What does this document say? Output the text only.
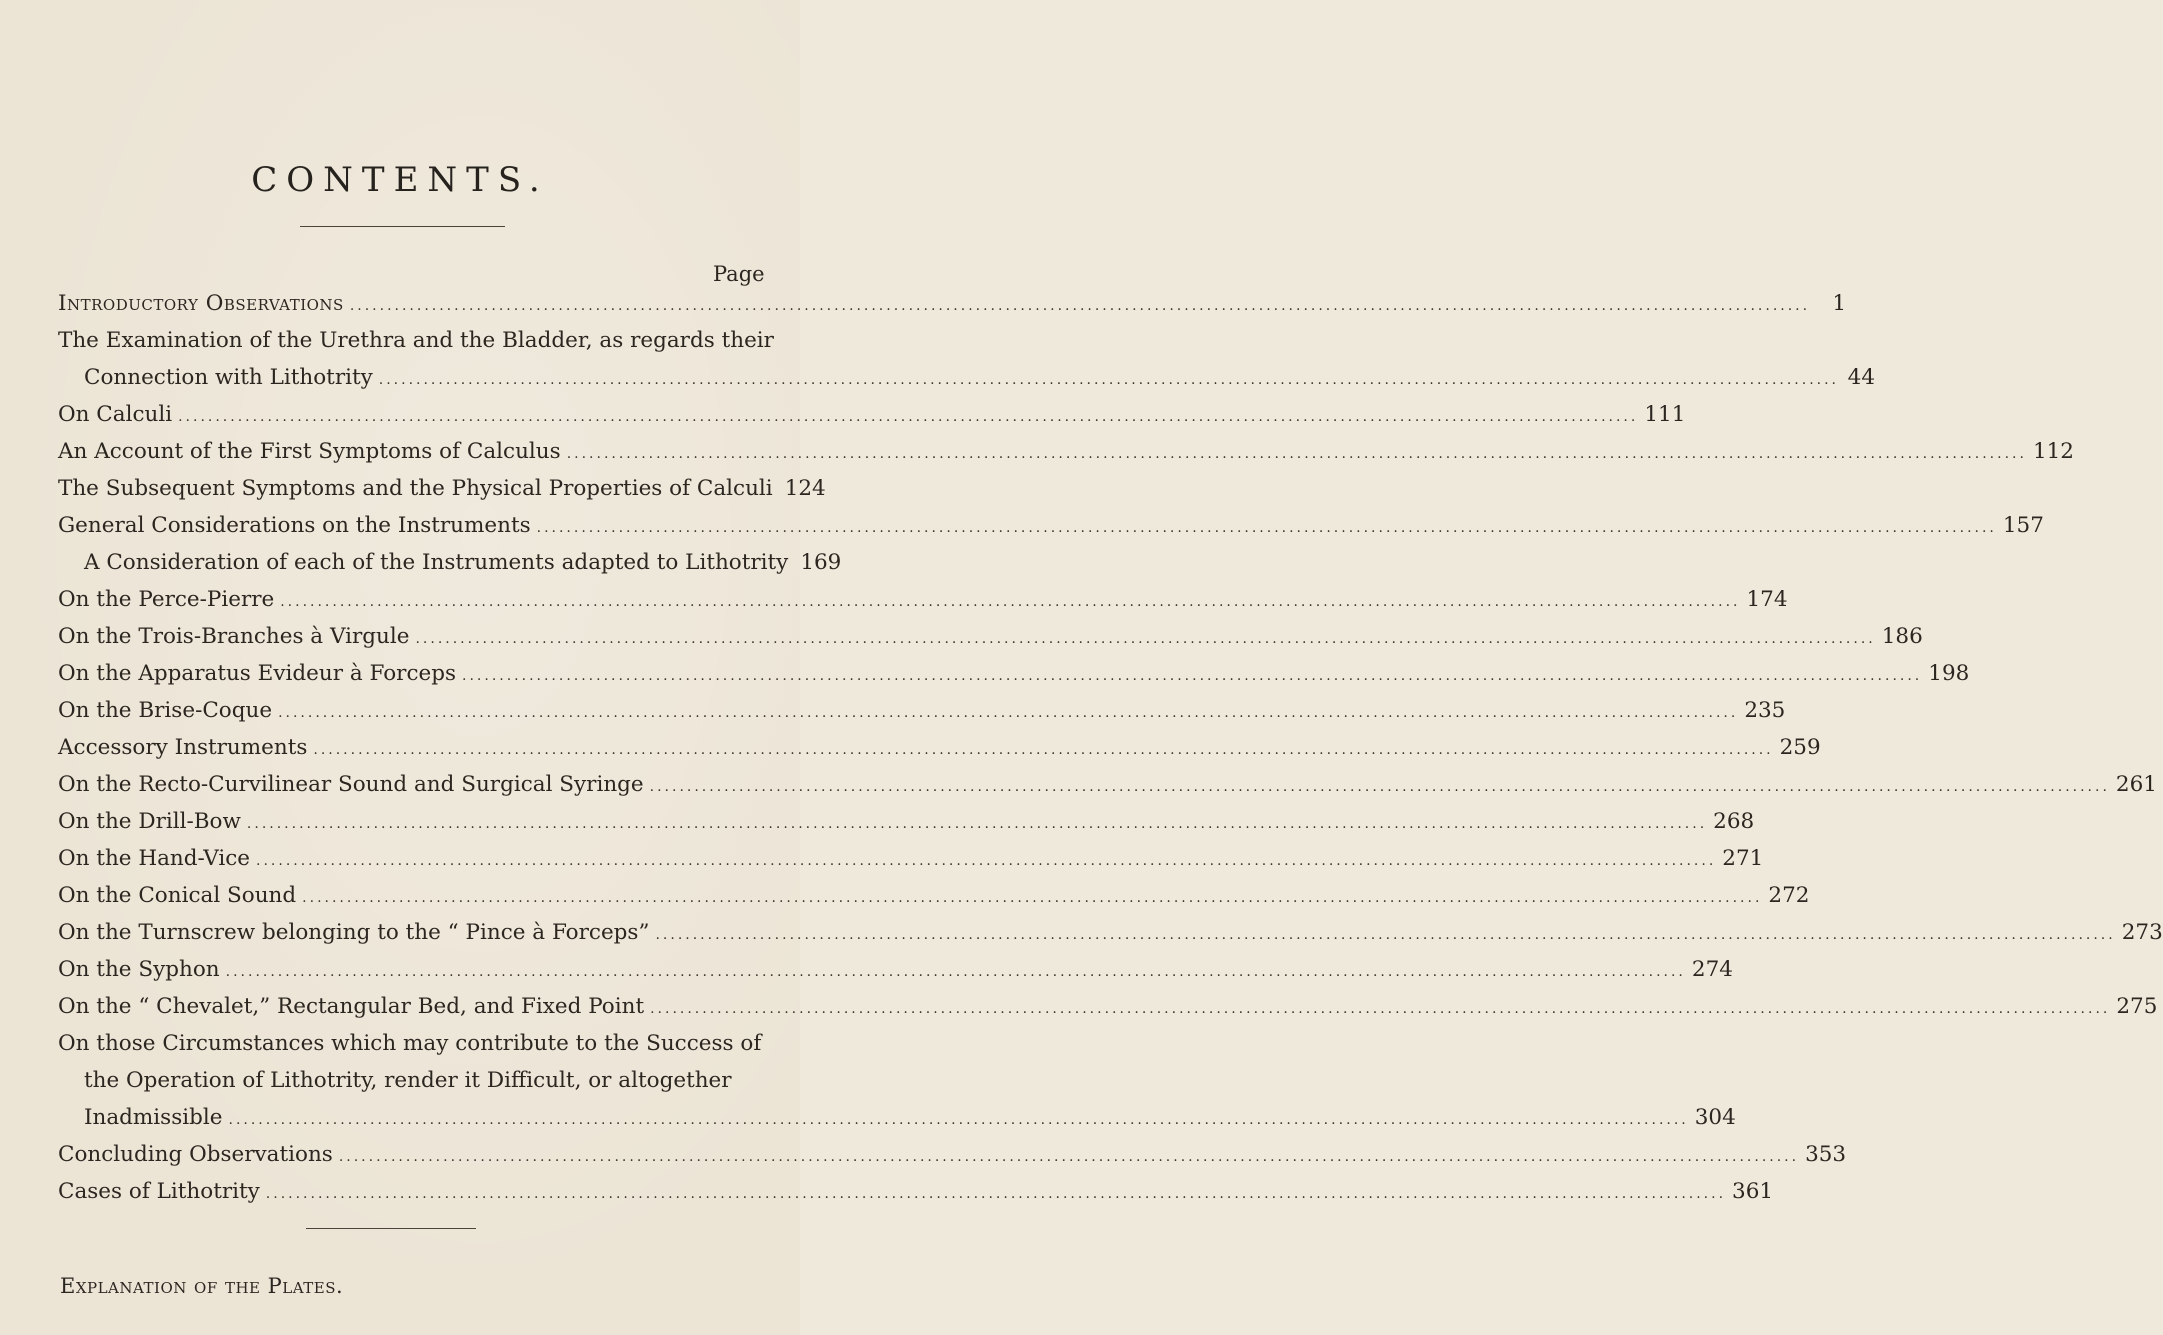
CONTENTS.
Page
Introductory Observations .....	1
The Examination of the Urethra and the Bladder, as regards their
Connection with Lithotrity .....	44
On Calculi .....	111
An Account of the First Symptoms of Calculus .....	112
The Subsequent Symptoms and the Physical Properties of Calculi 124
General Considerations on the Instruments .....	157
A Consideration of each of the Instruments adapted to Lithotrity 169
On the Perce-Pierre .....	174
On the Trois-Branches à Virgule .....	186
On the Apparatus Evideur à Forceps .....	198
On the Brise-Coque .....	235
Accessory Instruments .....	259
On the Recto-Curvilinear Sound and Surgical Syringe .....	261
On the Drill-Bow .....	268
On the Hand-Vice .....	271
On the Conical Sound .....	272
On the Turnscrew belonging to the “ Pince à Forceps” .....	273
On the Syphon .....	274
On the “ Chevalet,” Rectangular Bed, and Fixed Point .....	275
On those Circumstances which may contribute to the Success of
the Operation of Lithotrity, render it Difficult, or altogether
Inadmissible .....	304
Concluding Observations .....	353
Cases of Lithotrity .....	361
Explanation of the Plates.
